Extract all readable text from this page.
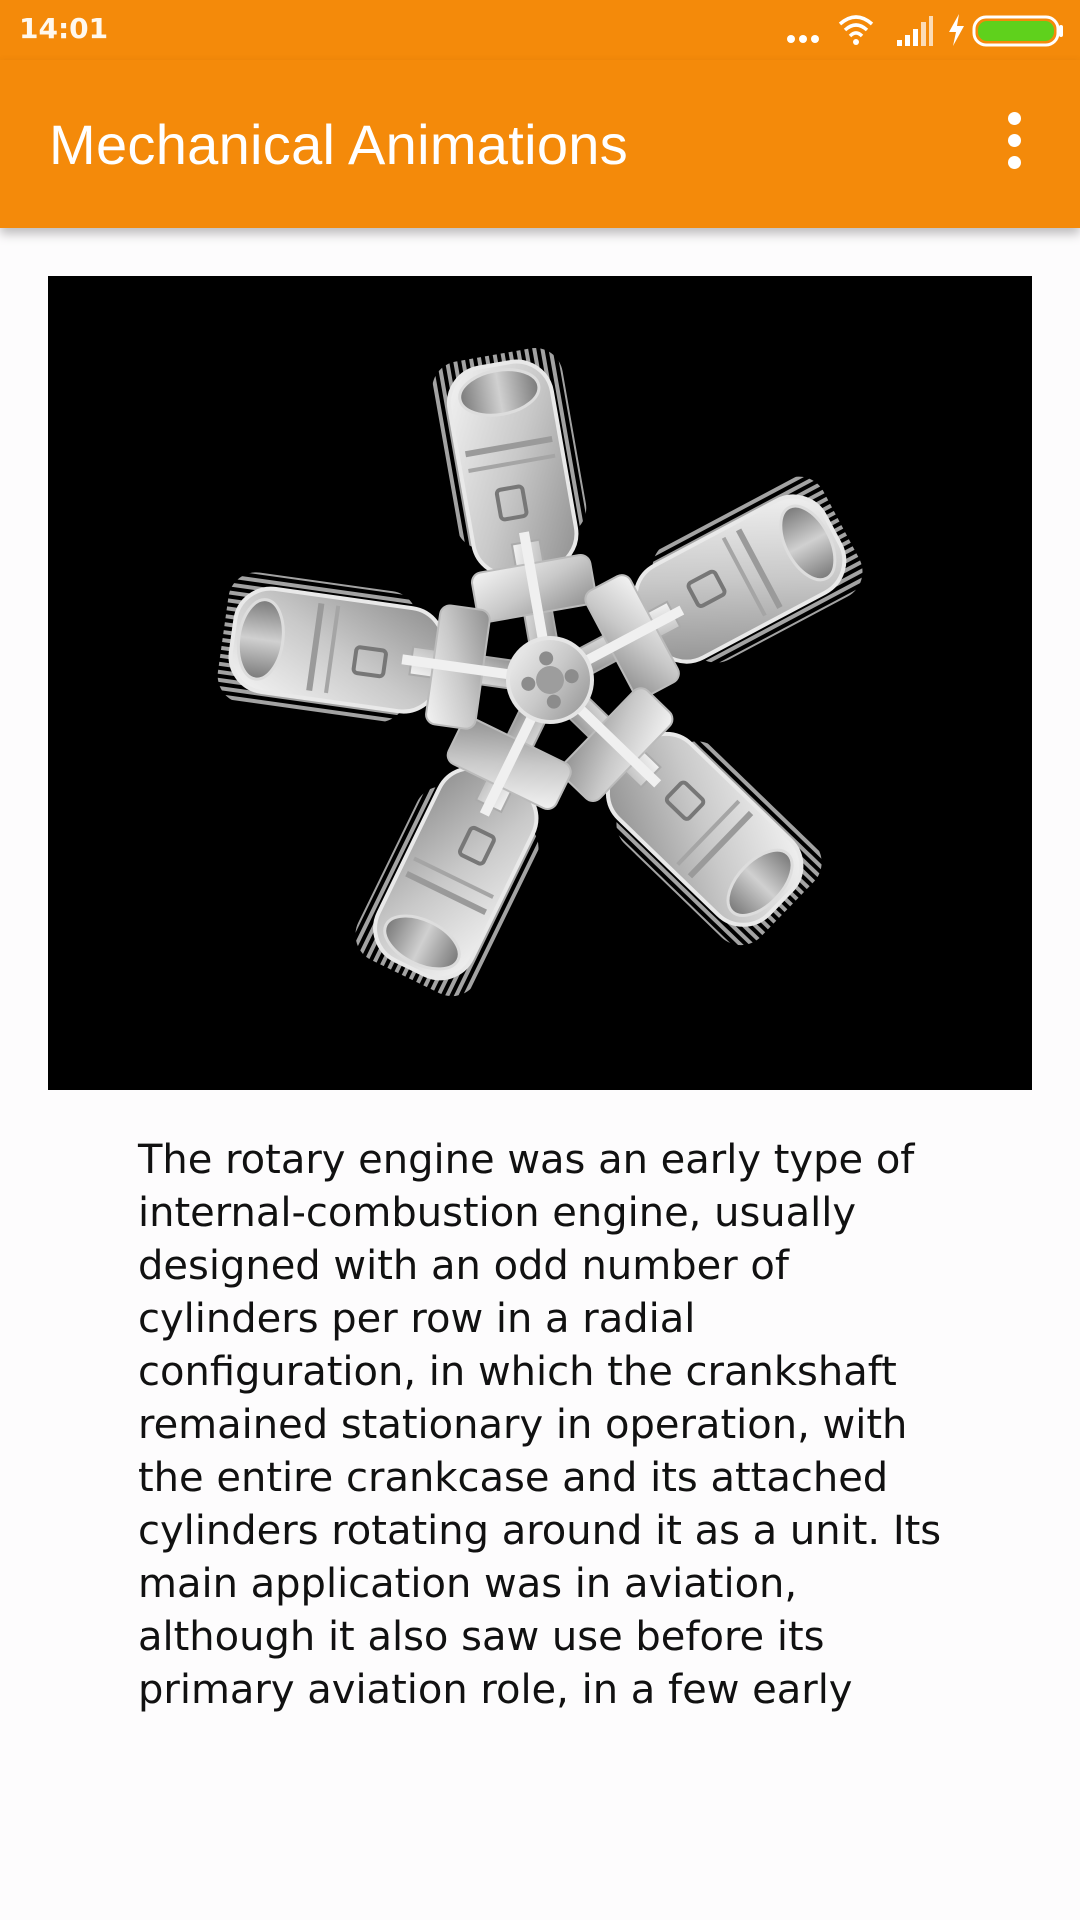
14:01
Mechanical Animations

The rotary engine was an early type of internal-combustion engine, usually designed with an odd number of cylinders per row in a radial configuration, in which the crankshaft remained stationary in operation, with the entire crankcase and its attached cylinders rotating around it as a unit. Its main application was in aviation, although it also saw use before its primary aviation role, in a few early
